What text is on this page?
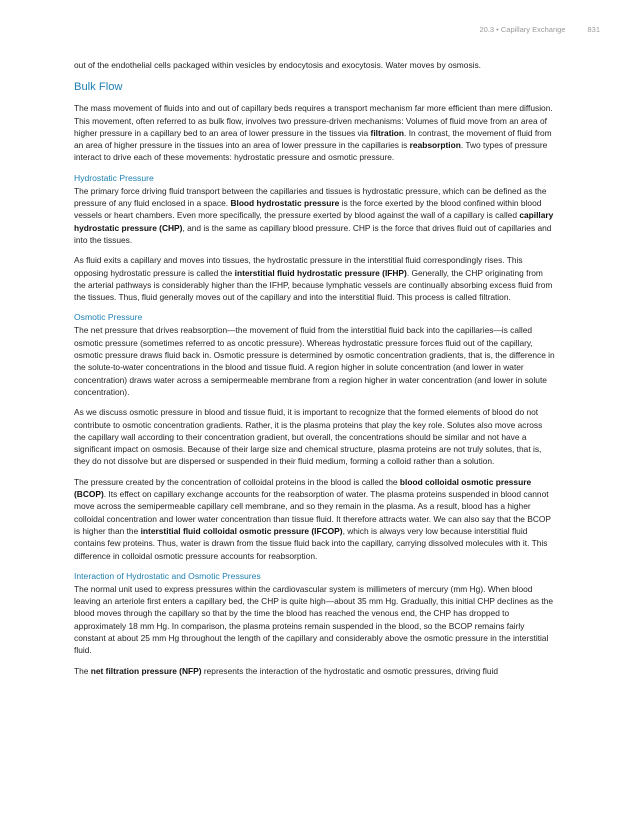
20.3 • Capillary Exchange	831

out of the endothelial cells packaged within vesicles by endocytosis and exocytosis. Water moves by osmosis.

Bulk Flow

The mass movement of fluids into and out of capillary beds requires a transport mechanism far more efficient than mere diffusion. This movement, often referred to as bulk flow, involves two pressure-driven mechanisms: Volumes of fluid move from an area of higher pressure in a capillary bed to an area of lower pressure in the tissues via filtration. In contrast, the movement of fluid from an area of higher pressure in the tissues into an area of lower pressure in the capillaries is reabsorption. Two types of pressure interact to drive each of these movements: hydrostatic pressure and osmotic pressure.

Hydrostatic Pressure

The primary force driving fluid transport between the capillaries and tissues is hydrostatic pressure, which can be defined as the pressure of any fluid enclosed in a space. Blood hydrostatic pressure is the force exerted by the blood confined within blood vessels or heart chambers. Even more specifically, the pressure exerted by blood against the wall of a capillary is called capillary hydrostatic pressure (CHP), and is the same as capillary blood pressure. CHP is the force that drives fluid out of capillaries and into the tissues.

As fluid exits a capillary and moves into tissues, the hydrostatic pressure in the interstitial fluid correspondingly rises. This opposing hydrostatic pressure is called the interstitial fluid hydrostatic pressure (IFHP). Generally, the CHP originating from the arterial pathways is considerably higher than the IFHP, because lymphatic vessels are continually absorbing excess fluid from the tissues. Thus, fluid generally moves out of the capillary and into the interstitial fluid. This process is called filtration.

Osmotic Pressure

The net pressure that drives reabsorption—the movement of fluid from the interstitial fluid back into the capillaries—is called osmotic pressure (sometimes referred to as oncotic pressure). Whereas hydrostatic pressure forces fluid out of the capillary, osmotic pressure draws fluid back in. Osmotic pressure is determined by osmotic concentration gradients, that is, the difference in the solute-to-water concentrations in the blood and tissue fluid. A region higher in solute concentration (and lower in water concentration) draws water across a semipermeable membrane from a region higher in water concentration (and lower in solute concentration).

As we discuss osmotic pressure in blood and tissue fluid, it is important to recognize that the formed elements of blood do not contribute to osmotic concentration gradients. Rather, it is the plasma proteins that play the key role. Solutes also move across the capillary wall according to their concentration gradient, but overall, the concentrations should be similar and not have a significant impact on osmosis. Because of their large size and chemical structure, plasma proteins are not truly solutes, that is, they do not dissolve but are dispersed or suspended in their fluid medium, forming a colloid rather than a solution.

The pressure created by the concentration of colloidal proteins in the blood is called the blood colloidal osmotic pressure (BCOP). Its effect on capillary exchange accounts for the reabsorption of water. The plasma proteins suspended in blood cannot move across the semipermeable capillary cell membrane, and so they remain in the plasma. As a result, blood has a higher colloidal concentration and lower water concentration than tissue fluid. It therefore attracts water. We can also say that the BCOP is higher than the interstitial fluid colloidal osmotic pressure (IFCOP), which is always very low because interstitial fluid contains few proteins. Thus, water is drawn from the tissue fluid back into the capillary, carrying dissolved molecules with it. This difference in colloidal osmotic pressure accounts for reabsorption.

Interaction of Hydrostatic and Osmotic Pressures

The normal unit used to express pressures within the cardiovascular system is millimeters of mercury (mm Hg). When blood leaving an arteriole first enters a capillary bed, the CHP is quite high—about 35 mm Hg. Gradually, this initial CHP declines as the blood moves through the capillary so that by the time the blood has reached the venous end, the CHP has dropped to approximately 18 mm Hg. In comparison, the plasma proteins remain suspended in the blood, so the BCOP remains fairly constant at about 25 mm Hg throughout the length of the capillary and considerably above the osmotic pressure in the interstitial fluid.

The net filtration pressure (NFP) represents the interaction of the hydrostatic and osmotic pressures, driving fluid
